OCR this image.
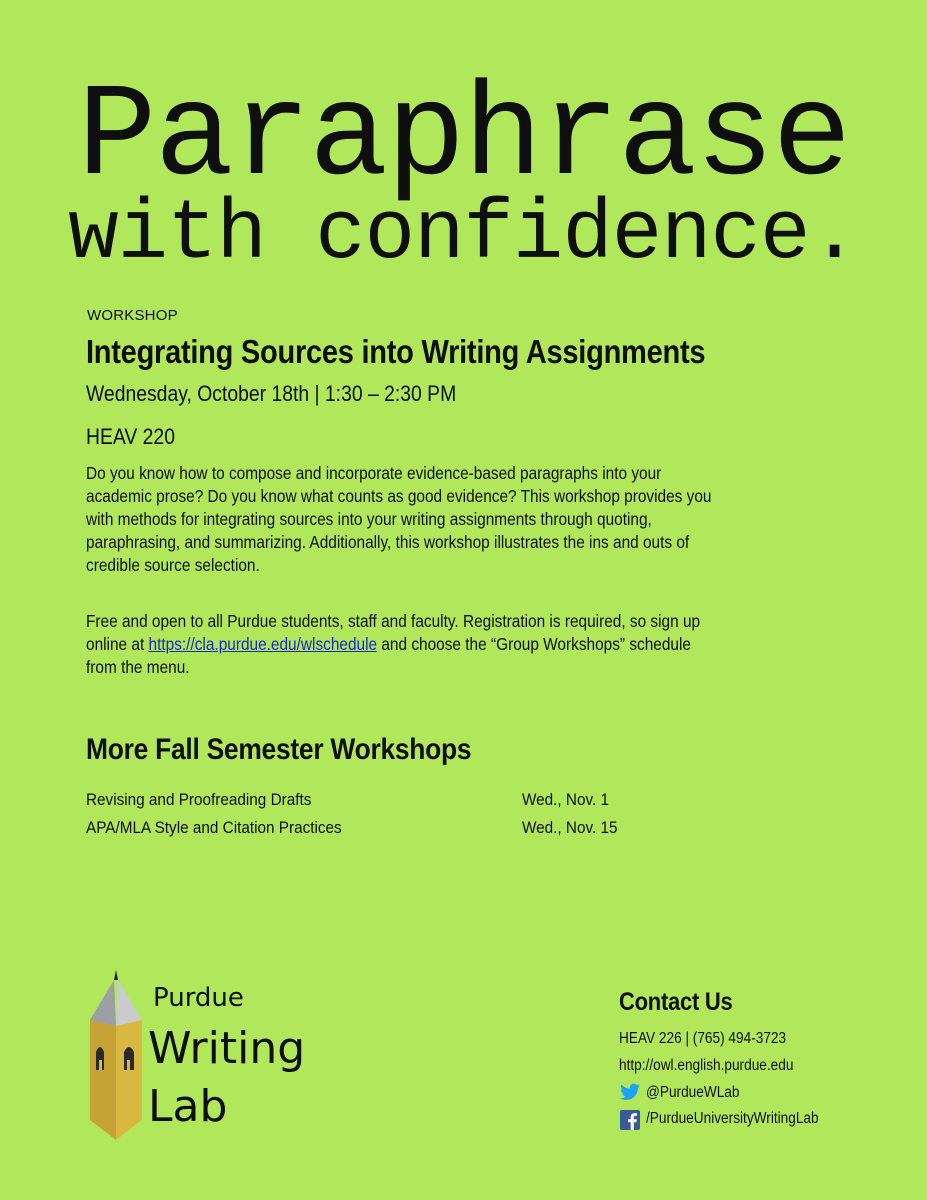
Paraphrase
with confidence.
WORKSHOP
Integrating Sources into Writing Assignments
Wednesday, October 18th | 1:30 – 2:30 PM
HEAV 220
Do you know how to compose and incorporate evidence-based paragraphs into your
academic prose? Do you know what counts as good evidence? This workshop provides you
with methods for integrating sources into your writing assignments through quoting,
paraphrasing, and summarizing. Additionally, this workshop illustrates the ins and outs of
credible source selection.
Free and open to all Purdue students, staff and faculty. Registration is required, so sign up
online at https://cla.purdue.edu/wlschedule and choose the “Group Workshops” schedule
from the menu.
More Fall Semester Workshops
Revising and Proofreading Drafts	Wed., Nov. 1
APA/MLA Style and Citation Practices	Wed., Nov. 15
Purdue
Writing
Lab
Contact Us
HEAV 226 | (765) 494-3723
http://owl.english.purdue.edu
@PurdueWLab
/PurdueUniversityWritingLab
